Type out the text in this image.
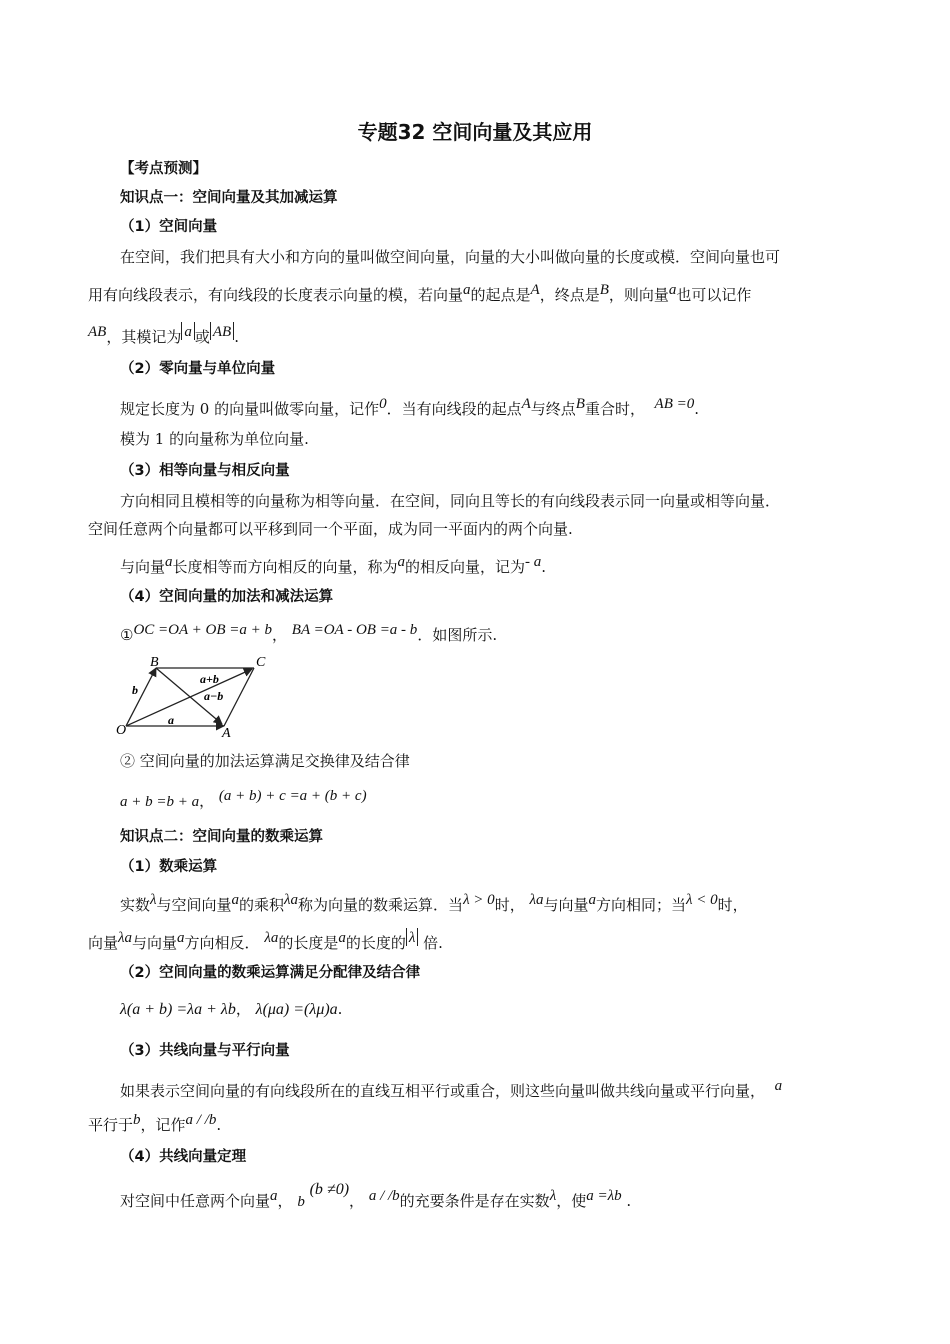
专题32 空间向量及其应用
【考点预测】
知识点一：空间向量及其加减运算
（1）空间向量
在空间，我们把具有大小和方向的量叫做空间向量，向量的大小叫做向量的长度或模．空间向量也可
用有向线段表示，有向线段的长度表示向量的模，若向量a的起点是A，终点是B，则向量a也可以记作
AB，其模记为 a 或 AB .
（2）零向量与单位向量
规定长度为 0 的向量叫做零向量，记作0．当有向线段的起点A与终点B重合时， AB =0.
模为 1 的向量称为单位向量.
（3）相等向量与相反向量
方向相同且模相等的向量称为相等向量．在空间，同向且等长的有向线段表示同一向量或相等向量．
空间任意两个向量都可以平移到同一个平面，成为同一平面内的两个向量.
与向量a长度相等而方向相反的向量，称为a的相反向量，记为- a.
（4）空间向量的加法和减法运算
①OC =OA + OB =a + b， BA =OA - OB =a - b．如图所示.
O	A
B	C
a
b
a+b
a−b
② 空间向量的加法运算满足交换律及结合律
a + b =b + a， (a + b) + c =a + (b + c)
知识点二：空间向量的数乘运算
（1）数乘运算
实数λ与空间向量a的乘积λa称为向量的数乘运算．当λ > 0时， λa与向量a方向相同；当λ < 0时，
向量λa与向量a方向相反． λa的长度是a的长度的 λ 倍.
（2）空间向量的数乘运算满足分配律及结合律
λ(a + b) =λa + λb， λ(μa) =(λμ)a.
（3）共线向量与平行向量
如果表示空间向量的有向线段所在的直线互相平行或重合，则这些向量叫做共线向量或平行向量， a
平行于b，记作a / /b.
（4）共线向量定理
对空间中任意两个向量a， b (b ≠0)， a / /b的充要条件是存在实数λ，使a =λb .
